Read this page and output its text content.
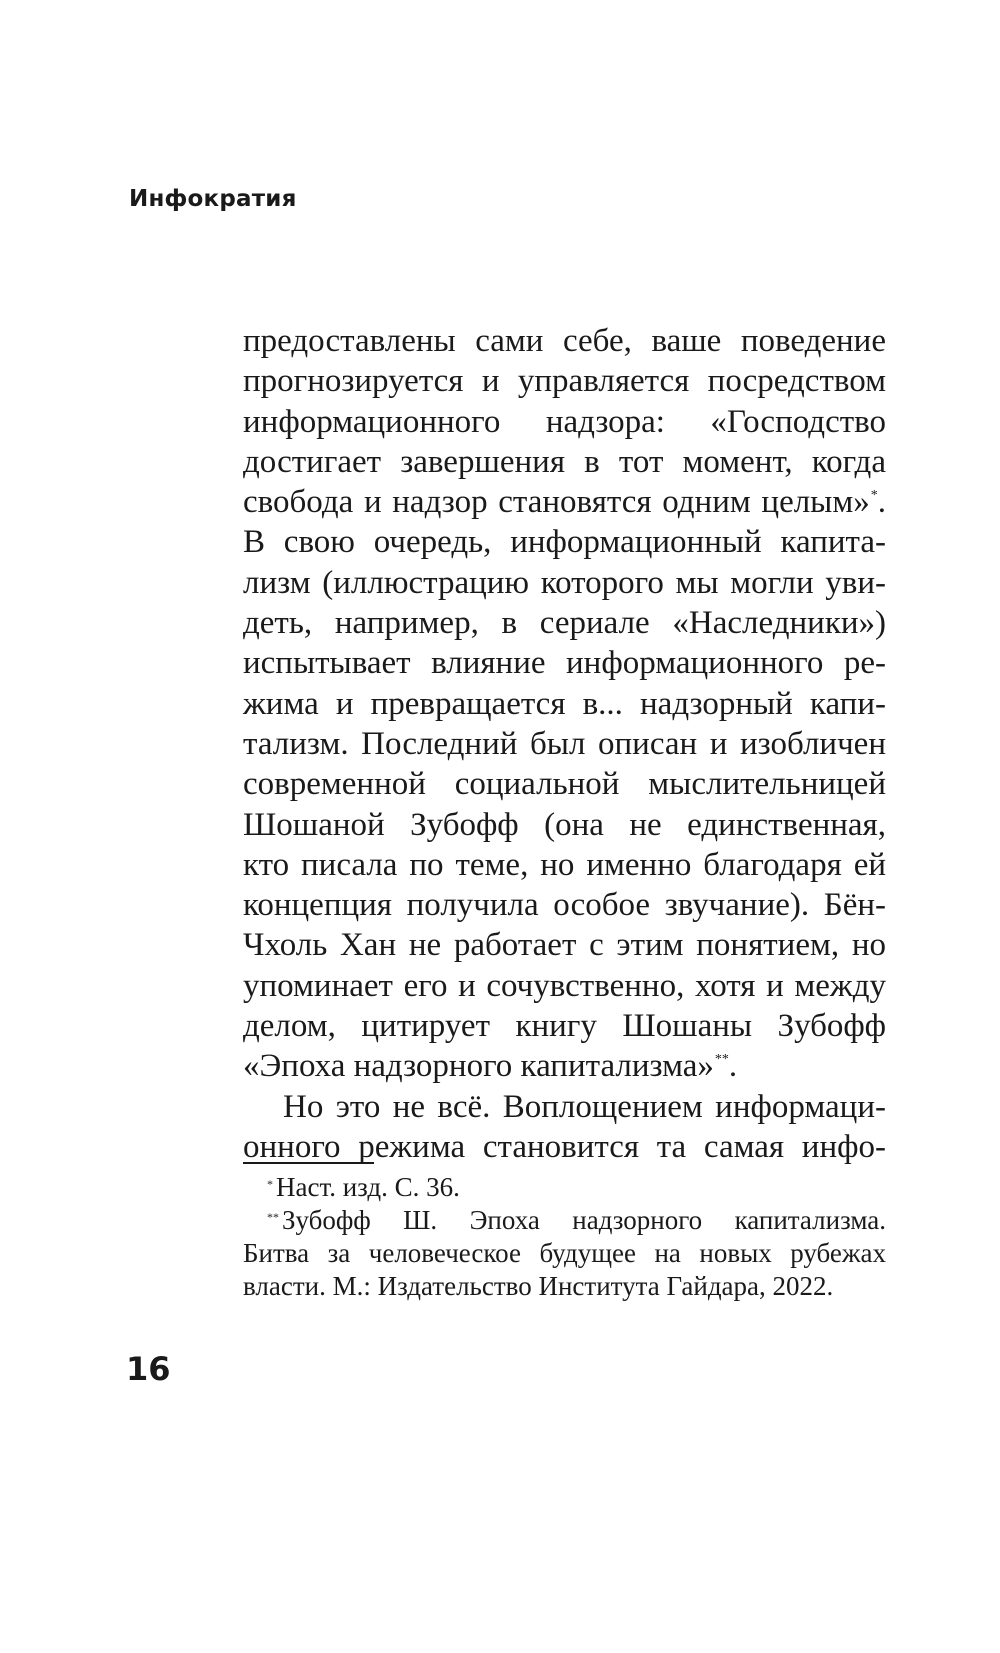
Инфократия
предоставлены сами себе, ваше поведение
прогнозируется и управляется посредством
информационного надзора: «Господство
достигает завершения в тот момент, когда
свобода и надзор становятся одним целым»*.
В свою очередь, информационный капита-
лизм (иллюстрацию которого мы могли уви-
деть, например, в сериале «Наследники»)
испытывает влияние информационного ре-
жима и превращается в... надзорный капи-
тализм. Последний был описан и изобличен
современной социальной мыслительницей
Шошаной Зубофф (она не единственная,
кто писала по теме, но именно благодаря ей
концепция получила особое звучание). Бён-
Чхоль Хан не работает с этим понятием, но
упоминает его и сочувственно, хотя и между
делом, цитирует книгу Шошаны Зубофф
«Эпоха надзорного капитализма»**.
Но это не всё. Воплощением информаци-
онного режима становится та самая инфо-
* Наст. изд. С. 36.
** Зубофф Ш. Эпоха надзорного капитализма.
Битва за человеческое будущее на новых рубежах
власти. М.: Издательство Института Гайдара, 2022.
16
